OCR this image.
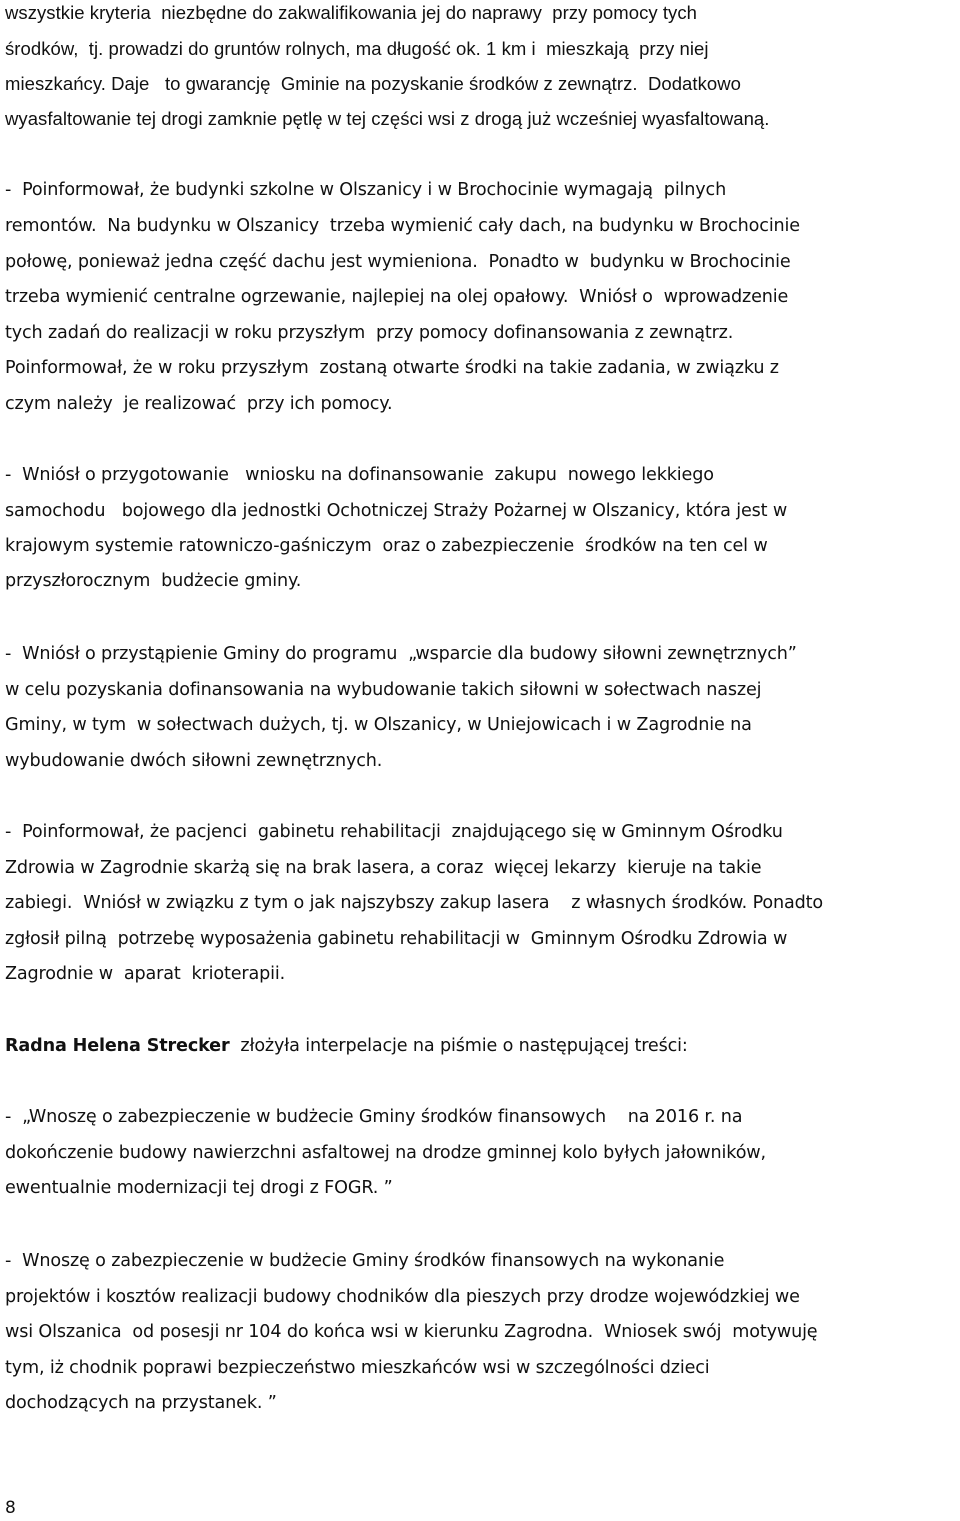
wszystkie kryteria  niezbędne do zakwalifikowania jej do naprawy  przy pomocy tych
środków,  tj. prowadzi do gruntów rolnych, ma długość ok. 1 km i  mieszkają  przy niej
mieszkańcy. Daje   to gwarancję  Gminie na pozyskanie środków z zewnątrz.  Dodatkowo
wyasfaltowanie tej drogi zamknie pętlę w tej części wsi z drogą już wcześniej wyasfaltowaną.
-  Poinformował, że budynki szkolne w Olszanicy i w Brochocinie wymagają  pilnych
remontów.  Na budynku w Olszanicy  trzeba wymienić cały dach, na budynku w Brochocinie
połowę, ponieważ jedna część dachu jest wymieniona.  Ponadto w  budynku w Brochocinie
trzeba wymienić centralne ogrzewanie, najlepiej na olej opałowy.  Wniósł o  wprowadzenie
tych zadań do realizacji w roku przyszłym  przy pomocy dofinansowania z zewnątrz.
Poinformował, że w roku przyszłym  zostaną otwarte środki na takie zadania, w związku z
czym należy  je realizować  przy ich pomocy.
-  Wniósł o przygotowanie   wniosku na dofinansowanie  zakupu  nowego lekkiego
samochodu   bojowego dla jednostki Ochotniczej Straży Pożarnej w Olszanicy, która jest w
krajowym systemie ratowniczo-gaśniczym  oraz o zabezpieczenie  środków na ten cel w
przyszłorocznym  budżecie gminy.
-  Wniósł o przystąpienie Gminy do programu  „wsparcie dla budowy siłowni zewnętrznych”
w celu pozyskania dofinansowania na wybudowanie takich siłowni w sołectwach naszej
Gminy, w tym  w sołectwach dużych, tj. w Olszanicy, w Uniejowicach i w Zagrodnie na
wybudowanie dwóch siłowni zewnętrznych.
-  Poinformował, że pacjenci  gabinetu rehabilitacji  znajdującego się w Gminnym Ośrodku
Zdrowia w Zagrodnie skarżą się na brak lasera, a coraz  więcej lekarzy  kieruje na takie
zabiegi.  Wniósł w związku z tym o jak najszybszy zakup lasera    z własnych środków. Ponadto
zgłosił pilną  potrzebę wyposażenia gabinetu rehabilitacji w  Gminnym Ośrodku Zdrowia w
Zagrodnie w  aparat  krioterapii.
Radna Helena Strecker  złożyła interpelacje na piśmie o następującej treści:
-  „Wnoszę o zabezpieczenie w budżecie Gminy środków finansowych    na 2016 r. na
dokończenie budowy nawierzchni asfaltowej na drodze gminnej kolo byłych jałowników,
ewentualnie modernizacji tej drogi z FOGR. ”
-  Wnoszę o zabezpieczenie w budżecie Gminy środków finansowych na wykonanie
projektów i kosztów realizacji budowy chodników dla pieszych przy drodze wojewódzkiej we
wsi Olszanica  od posesji nr 104 do końca wsi w kierunku Zagrodna.  Wniosek swój  motywuję
tym, iż chodnik poprawi bezpieczeństwo mieszkańców wsi w szczególności dzieci
dochodzących na przystanek. ”
8
